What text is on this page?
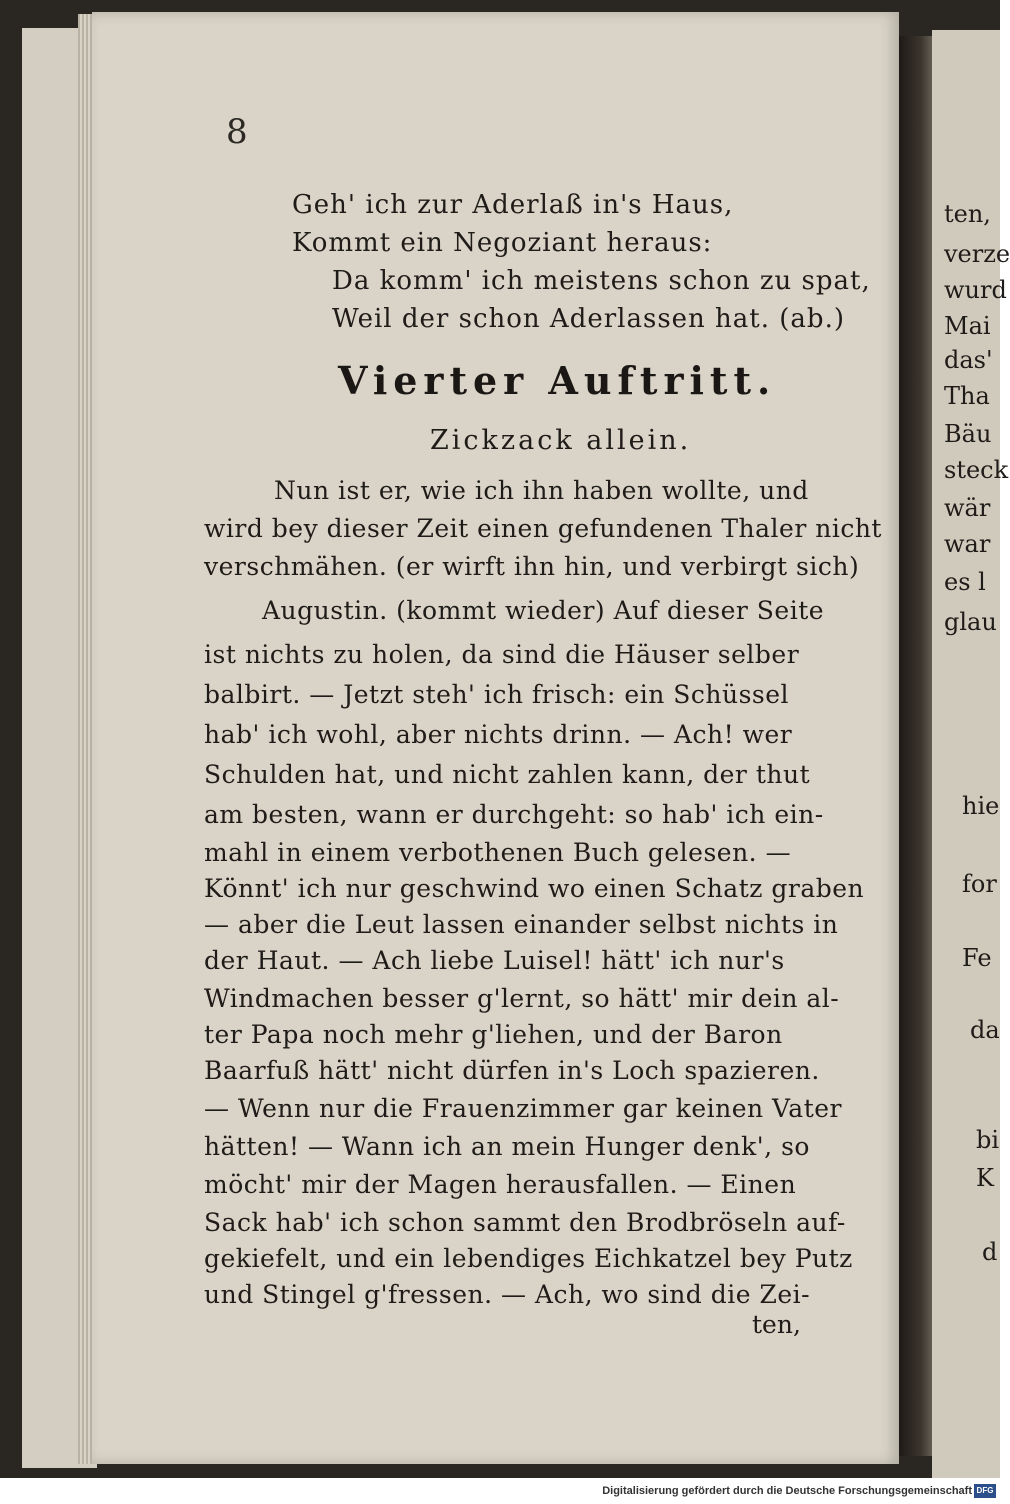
8
Geh' ich zur Aderlaß in's Haus,
Kommt ein Negoziant heraus:
Da komm' ich meistens schon zu spat,
Weil der schon Aderlassen hat. (ab.)
Vierter Auftritt.
Zickzack allein.
Nun ist er, wie ich ihn haben wollte, und
wird bey dieser Zeit einen gefundenen Thaler nicht
verschmähen. (er wirft ihn hin, und verbirgt sich)
Augustin. (kommt wieder) Auf dieser Seite
ist nichts zu holen, da sind die Häuser selber
balbirt. — Jetzt steh' ich frisch: ein Schüssel
hab' ich wohl, aber nichts drinn. — Ach! wer
Schulden hat, und nicht zahlen kann, der thut
am besten, wann er durchgeht: so hab' ich ein-
mahl in einem verbothenen Buch gelesen. —
Könnt' ich nur geschwind wo einen Schatz graben
— aber die Leut lassen einander selbst nichts in
der Haut. — Ach liebe Luisel! hätt' ich nur's
Windmachen besser g'lernt, so hätt' mir dein al-
ter Papa noch mehr g'liehen, und der Baron
Baarfuß hätt' nicht dürfen in's Loch spazieren.
— Wenn nur die Frauenzimmer gar keinen Vater
hätten! — Wann ich an mein Hunger denk', so
möcht' mir der Magen herausfallen. — Einen
Sack hab' ich schon sammt den Brodbröseln auf-
gekiefelt, und ein lebendiges Eichkatzel bey Putz
und Stingel g'fressen. — Ach, wo sind die Zei-
ten,
ten,
verze
wurd
Mai
das'
Tha
Bäu
steck
wär
war
es l
glau
hie
for
Fe
da
bi
K
d
Digitalisierung gefördert durch die Deutsche Forschungsgemeinschaft DFG
